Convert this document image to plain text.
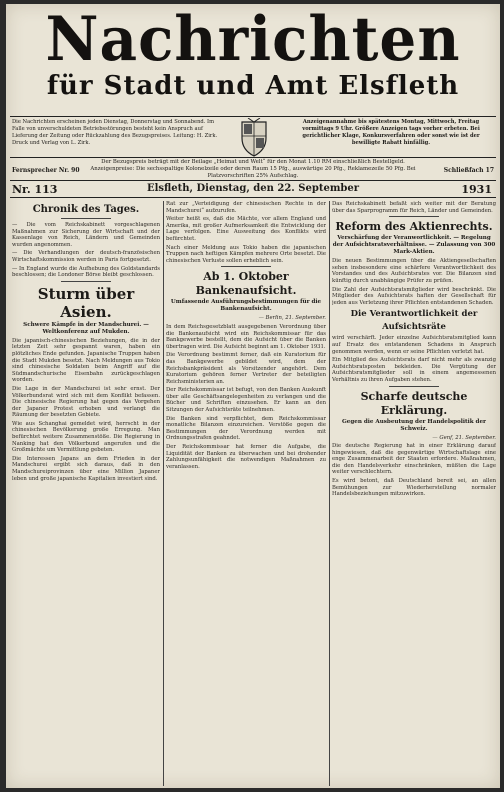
Nachrichten
für Stadt und Amt Elsfleth
Die Nachrichten erscheinen jeden Dienstag, Donnerstag und Sonnabend. Im Falle von unverschuldeten Betriebsstörungen besteht kein Anspruch auf Lieferung der Zeitung oder Rückzahlung des Bezugspreises. Leitung: H. Zirk. Druck und Verlag von L. Zirk.
Anzeigenannahme bis spätestens Montag, Mittwoch, Freitag vormittags 9 Uhr. Größere Anzeigen tags vorher erbeten. Bei gerichtlicher Klage, Konkursverfahren oder sonst wie ist der bewilligte Rabatt hinfällig.
Fernsprecher Nr. 90
Der Bezugspreis beträgt mit der Beilage „Heimat und Welt“ für den Monat 1.10 RM einschließlich Bestellgeld. Anzeigenpreise: Die sechsspaltige Kolonelzeile oder deren Raum 15 Pfg., auswärtige 20 Pfg., Reklamezeile 50 Pfg. Bei Platzvorschriften 25% Aufschlag.
Schließfach 17
Nr. 113	Elsfleth, Dienstag, den 22. September	1931
Chronik des Tages.

— Die vom Reichskabinett vorgeschlagenen Maßnahmen zur Sicherung der Wirtschaft und der Kassenlage von Reich, Ländern und Gemeinden wurden angenommen.

— Die Verhandlungen der deutsch-französischen Wirtschaftskommission werden in Paris fortgesetzt.

— In England wurde die Aufhebung des Goldstandards beschlossen; die Londoner Börse bleibt geschlossen.

Sturm über Asien.
Schwere Kämpfe in der Mandschurei. — Weltkonferenz auf Mukden.

Die japanisch-chinesischen Beziehungen, die in der letzten Zeit sehr gespannt waren, haben ein plötzliches Ende gefunden. Japanische Truppen haben die Stadt Mukden besetzt. Nach Meldungen aus Tokio sind chinesische Soldaten beim Angriff auf die Südmandschurische Eisenbahn zurückgeschlagen worden.

Die Lage in der Mandschurei ist sehr ernst. Der Völkerbundsrat wird sich mit dem Konflikt befassen. Die chinesische Regierung hat gegen das Vorgehen der Japaner Protest erhoben und verlangt die Räumung der besetzten Gebiete.

Wie aus Schanghai gemeldet wird, herrscht in der chinesischen Bevölkerung große Erregung. Man befürchtet weitere Zusammenstöße. Die Regierung in Nanking hat den Völkerbund angerufen und die Großmächte um Vermittlung gebeten.

Die Interessen Japans an dem Frieden in der Mandschurei ergibt sich daraus, daß in den Mandschureiprovinzen über eine Million Japaner leben und große japanische Kapitalien investiert sind.

Rat zur „Verteidigung der chinesischen Rechte in der Mandschurei“ aufzurufen.

Weiter heißt es, daß die Mächte, vor allem England und Amerika, mit großer Aufmerksamkeit die Entwicklung der Lage verfolgen. Eine Ausweitung des Konflikts wird befürchtet.

Nach einer Meldung aus Tokio haben die japanischen Truppen nach heftigen Kämpfen mehrere Orte besetzt. Die chinesischen Verluste sollen erheblich sein.

Ab 1. Oktober Bankenaufsicht.
Umfassende Ausführungsbestimmungen für die Bankenaufsicht.

— Berlin, 21. September.

In dem Reichsgesetzblatt ausgegebenen Verordnung über die Bankenaufsicht wird ein Reichskommissar für das Bankgewerbe bestellt, dem die Aufsicht über die Banken übertragen wird. Die Aufsicht beginnt am 1. Oktober 1931.

Die Verordnung bestimmt ferner, daß ein Kuratorium für das Bankgewerbe gebildet wird, dem der Reichsbankpräsident als Vorsitzender angehört. Dem Kuratorium gehören ferner Vertreter der beteiligten Reichsministerien an.

Der Reichskommissar ist befugt, von den Banken Auskunft über alle Geschäftsangelegenheiten zu verlangen und die Bücher und Schriften einzusehen. Er kann an den Sitzungen der Aufsichtsräte teilnehmen.

Die Banken sind verpflichtet, dem Reichskommissar monatliche Bilanzen einzureichen. Verstöße gegen die Bestimmungen der Verordnung werden mit Ordnungsstrafen geahndet.

Der Reichskommissar hat ferner die Aufgabe, die Liquidität der Banken zu überwachen und bei drohender Zahlungsunfähigkeit die notwendigen Maßnahmen zu veranlassen.

Das Reichskabinett befaßt sich weiter mit der Beratung über das Sparprogramm für Reich, Länder und Gemeinden.

Reform des Aktienrechts.
Verschärfung der Veranwortlichkeit. — Regelung der Aufsichtsratsverhältnisse. — Zulassung von 300 Mark-Aktien.

Die neuen Bestimmungen über die Aktiengesellschaften sehen insbesondere eine schärfere Verantwortlichkeit des Vorstandes und des Aufsichtsrates vor. Die Bilanzen sind künftig durch unabhängige Prüfer zu prüfen.

Die Zahl der Aufsichtsratsmitglieder wird beschränkt. Die Mitglieder des Aufsichtsrats haften der Gesellschaft für jeden aus Verletzung ihrer Pflichten entstandenen Schaden.

Die Verantwortlichkeit der Aufsichtsräte

wird verschärft. Jeder einzelne Aufsichtsratsmitglied kann auf Ersatz des entstandenen Schadens in Anspruch genommen werden, wenn er seine Pflichten verletzt hat.

Ein Mitglied des Aufsichtsrats darf nicht mehr als zwanzig Aufsichtsratsposten bekleiden. Die Vergütung der Aufsichtsratsmitglieder soll in einem angemessenen Verhältnis zu ihren Aufgaben stehen.

Scharfe deutsche Erklärung.
Gegen die Ausbeutung der Handelspolitik der Schweiz.

— Genf, 21. September.

Die deutsche Regierung hat in einer Erklärung darauf hingewiesen, daß die gegenwärtige Wirtschaftslage eine enge Zusammenarbeit der Staaten erfordere. Maßnahmen, die den Handelsverkehr einschränken, müßten die Lage weiter verschlechtern.

Es wird betont, daß Deutschland bereit sei, an allen Bemühungen zur Wiederherstellung normaler Handelsbeziehungen mitzuwirken.
